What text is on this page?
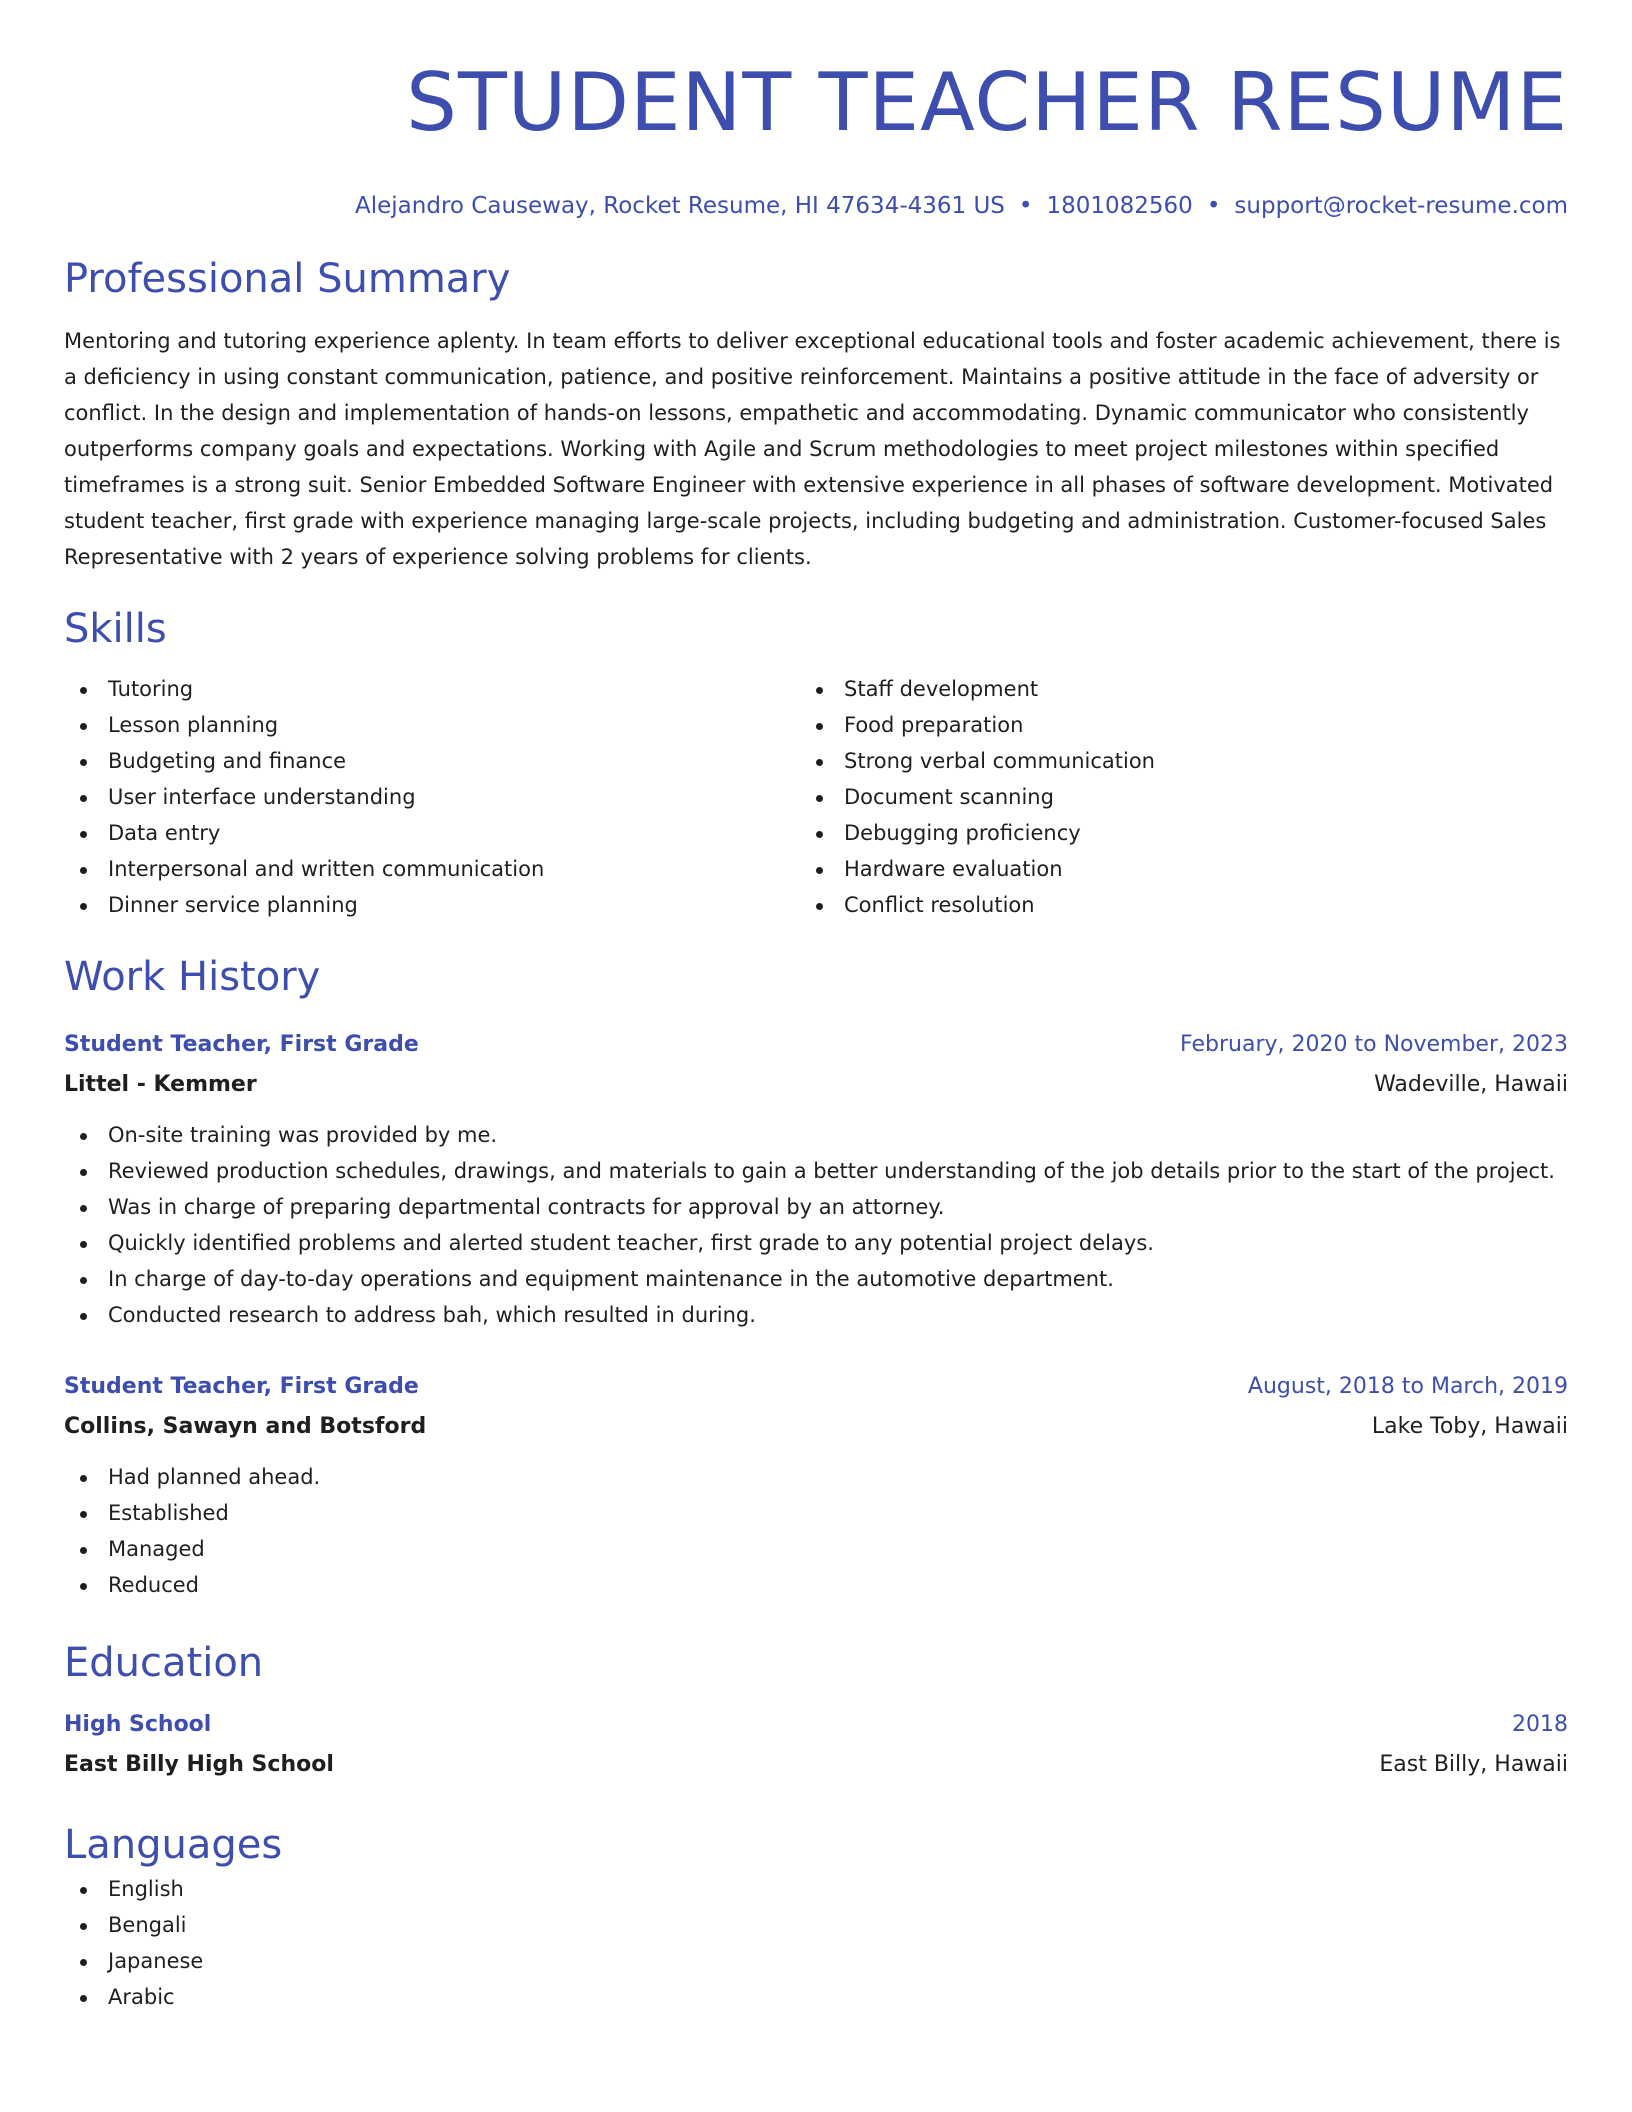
STUDENT TEACHER RESUME
Alejandro Causeway, Rocket Resume, HI 47634-4361 US • 1801082560 • support@rocket-resume.com
Professional Summary

Mentoring and tutoring experience aplenty. In team efforts to deliver exceptional educational tools and foster academic achievement, there is a deficiency in using constant communication, patience, and positive reinforcement. Maintains a positive attitude in the face of adversity or conflict. In the design and implementation of hands-on lessons, empathetic and accommodating. Dynamic communicator who consistently outperforms company goals and expectations. Working with Agile and Scrum methodologies to meet project milestones within specified timeframes is a strong suit. Senior Embedded Software Engineer with extensive experience in all phases of software development. Motivated student teacher, first grade with experience managing large-scale projects, including budgeting and administration. Customer-focused Sales Representative with 2 years of experience solving problems for clients.

Skills
Tutoring
Lesson planning
Budgeting and finance
User interface understanding
Data entry
Interpersonal and written communication
Dinner service planning
Staff development
Food preparation
Strong verbal communication
Document scanning
Debugging proficiency
Hardware evaluation
Conflict resolution
Work History
Student Teacher, First Grade	February, 2020 to November, 2023
Littel - Kemmer	Wadeville, Hawaii
On-site training was provided by me.
Reviewed production schedules, drawings, and materials to gain a better understanding of the job details prior to the start of the project.
Was in charge of preparing departmental contracts for approval by an attorney.
Quickly identified problems and alerted student teacher, first grade to any potential project delays.
In charge of day-to-day operations and equipment maintenance in the automotive department.
Conducted research to address bah, which resulted in during.
Student Teacher, First Grade	August, 2018 to March, 2019
Collins, Sawayn and Botsford	Lake Toby, Hawaii
Had planned ahead.
Established
Managed
Reduced
Education
High School	2018
East Billy High School	East Billy, Hawaii
Languages
English
Bengali
Japanese
Arabic
